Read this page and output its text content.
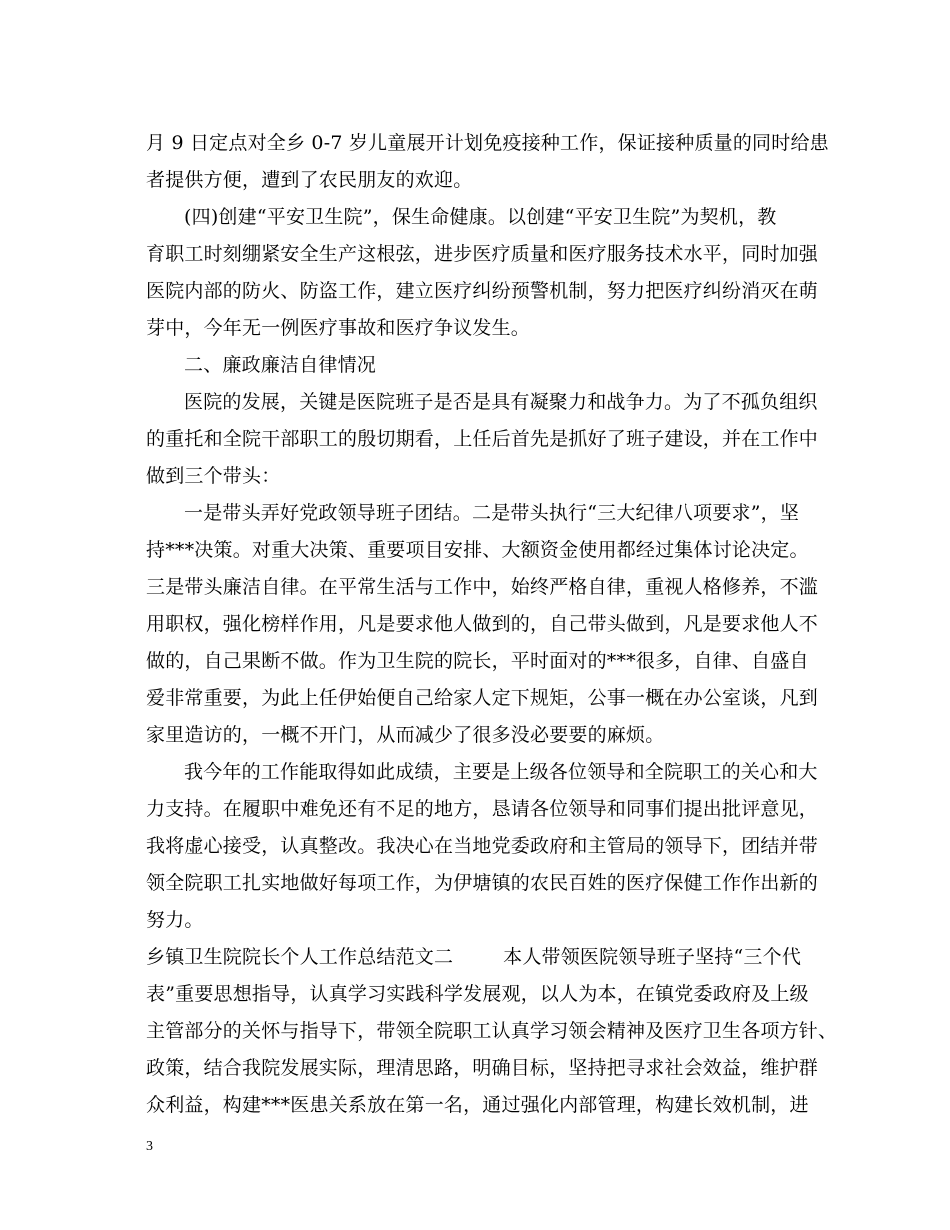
月 9 日定点对全乡 0-7 岁儿童展开计划免疫接种工作，保证接种质量的同时给患
者提供方便，遭到了农民朋友的欢迎。
(四)创建“平安卫生院”，保生命健康。以创建“平安卫生院”为契机，教
育职工时刻绷紧安全生产这根弦，进步医疗质量和医疗服务技术水平，同时加强
医院内部的防火、防盗工作，建立医疗纠纷预警机制，努力把医疗纠纷消灭在萌
芽中，今年无一例医疗事故和医疗争议发生。
二、廉政廉洁自律情况
医院的发展，关键是医院班子是否是具有凝聚力和战争力。为了不孤负组织
的重托和全院干部职工的殷切期看，上任后首先是抓好了班子建设，并在工作中
做到三个带头：
一是带头弄好党政领导班子团结。二是带头执行“三大纪律八项要求”，坚
持***决策。对重大决策、重要项目安排、大额资金使用都经过集体讨论决定。
三是带头廉洁自律。在平常生活与工作中，始终严格自律，重视人格修养，不滥
用职权，强化榜样作用，凡是要求他人做到的，自己带头做到，凡是要求他人不
做的，自己果断不做。作为卫生院的院长，平时面对的***很多，自律、自盛自
爱非常重要，为此上任伊始便自己给家人定下规矩，公事一概在办公室谈，凡到
家里造访的，一概不开门，从而减少了很多没必要要的麻烦。
我今年的工作能取得如此成绩，主要是上级各位领导和全院职工的关心和大
力支持。在履职中难免还有不足的地方，恳请各位领导和同事们提出批评意见，
我将虚心接受，认真整改。我决心在当地党委政府和主管局的领导下，团结并带
领全院职工扎实地做好每项工作，为伊塘镇的农民百姓的医疗保健工作作出新的
努力。
乡镇卫生院院长个人工作总结范文二        本人带领医院领导班子坚持“三个代
表”重要思想指导，认真学习实践科学发展观，以人为本，在镇党委政府及上级
主管部分的关怀与指导下，带领全院职工认真学习领会精神及医疗卫生各项方针、
政策，结合我院发展实际，理清思路，明确目标，坚持把寻求社会效益，维护群
众利益，构建***医患关系放在第一名，通过强化内部管理，构建长效机制，进
3
